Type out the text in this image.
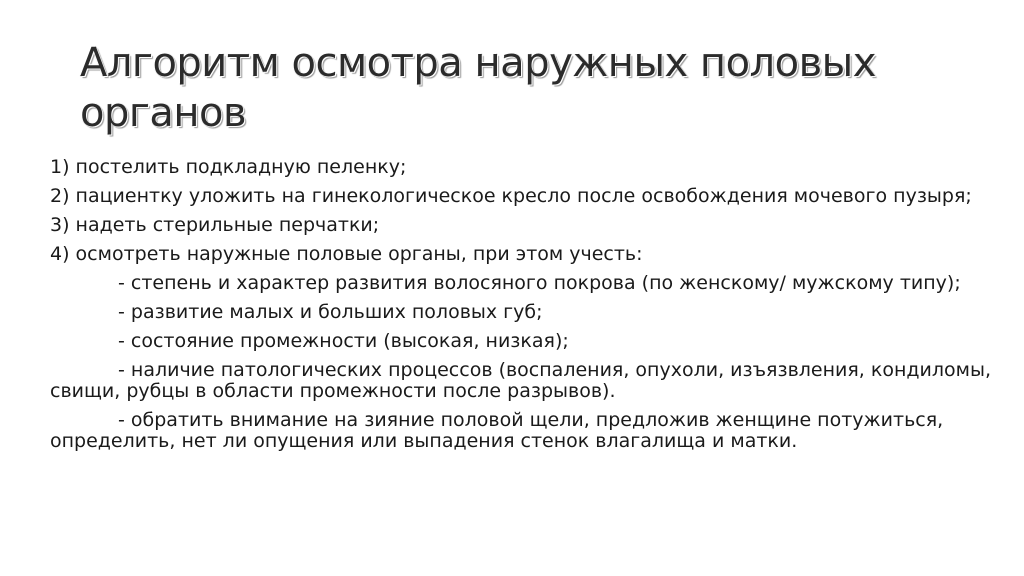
Алгоритм осмотра наружных половых органов
1) постелить подкладную пеленку;
2) пациентку уложить на гинекологическое кресло после освобождения мочевого пузыря;
3) надеть стерильные перчатки;
4) осмотреть наружные половые органы, при этом учесть:
- степень и характер развития волосяного покрова (по женскому/ мужскому типу);
- развитие малых и больших половых губ;
- состояние промежности (высокая, низкая);
- наличие патологических процессов (воспаления, опухоли, изъязвления, кондиломы, свищи, рубцы в области промежности после разрывов).
- обратить внимание на зияние половой щели, предложив женщине потужиться, определить, нет ли опущения или выпадения стенок влагалища и матки.
